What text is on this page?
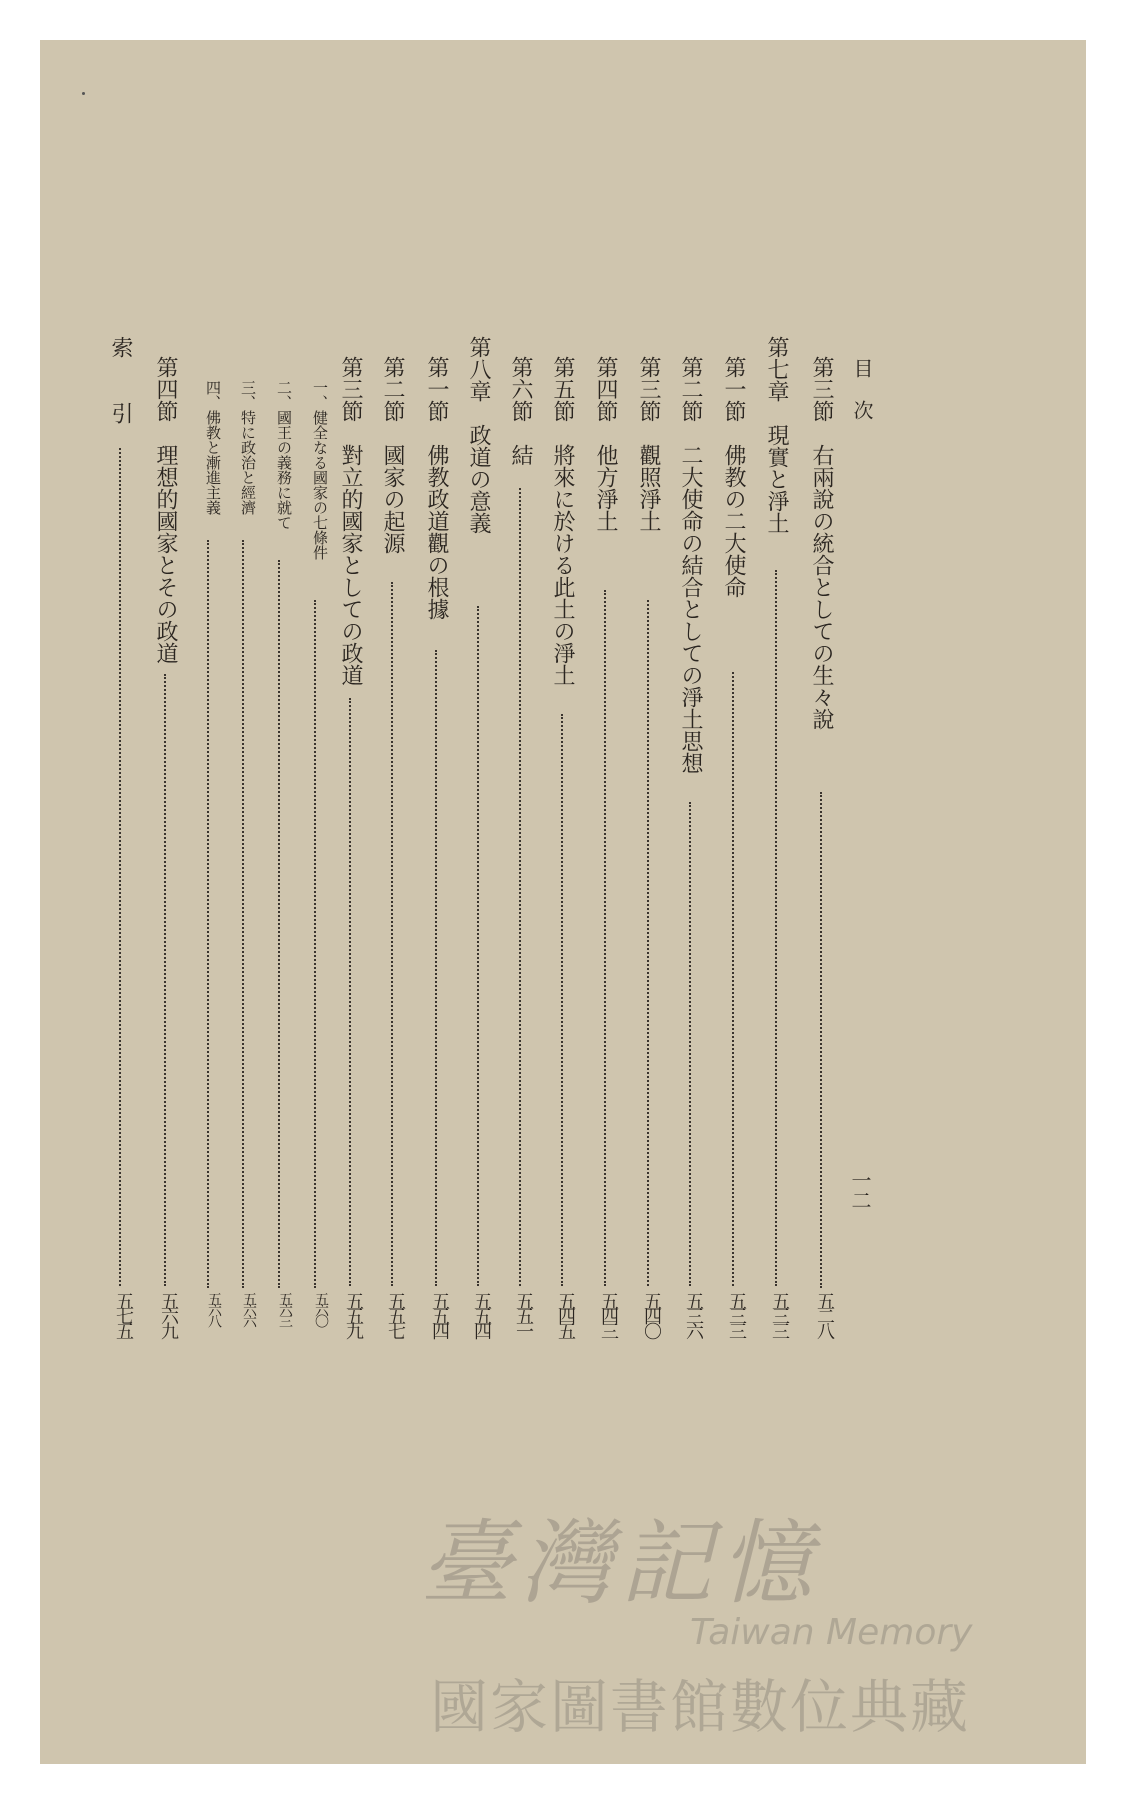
目次
一二
第三節　右兩說の統合としての生々說
五二八
第七章　現實と淨土
五三三
第一節　佛教の二大使命
五三三
第二節　二大使命の結合としての淨土思想
五三六
第三節　觀照淨土
五四〇
第四節　他方淨土
五四三
第五節　將來に於ける此土の淨土
五四五
第六節　結
五五一
第八章　政道の意義
五五四
第一節　佛教政道觀の根據
五五四
第二節　國家の起源
五五七
第三節　對立的國家としての政道
五五九
一、健全なる國家の七條件
五六〇
二、國王の義務に就て
五六三
三、特に政治と經濟
五六六
四、佛教と漸進主義
五六八
第四節　理想的國家とその政道
五六九
索　　引
五七五
臺灣記憶
Taiwan Memory
國家圖書館數位典藏
